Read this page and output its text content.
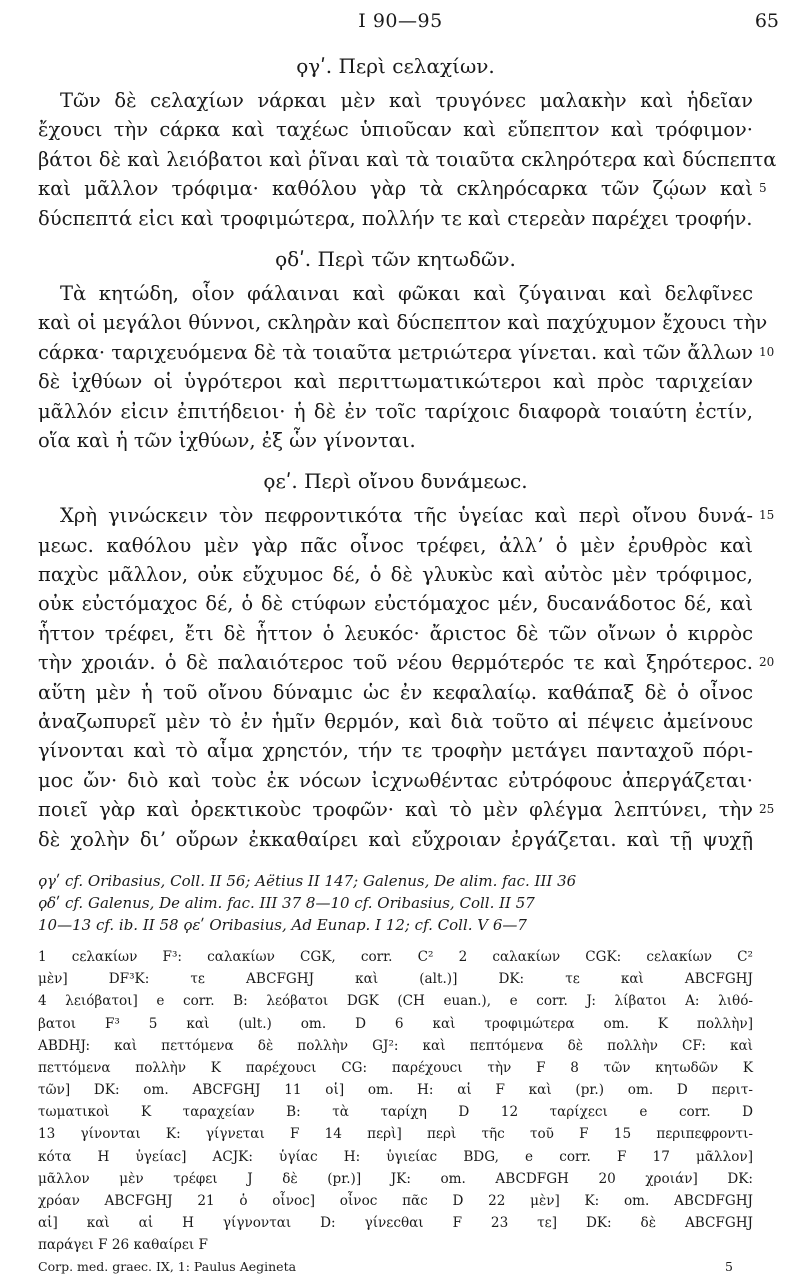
I 90—95	65
ϙγʹ. Περὶ ϲελαχίων.
Τῶν δὲ ϲελαχίων νάρκαι μὲν καὶ τρυγόνεϲ μαλακὴν καὶ ἡδεῖαν
ἔχουϲι τὴν ϲάρκα καὶ ταχέωϲ ὑπιοῦϲαν καὶ εὔπεπτον καὶ τρόφιμον·
βάτοι δὲ καὶ λειόβατοι καὶ ῥῖναι καὶ τὰ τοιαῦτα ϲκληρότερα καὶ δύϲπεπτα
καὶ μᾶλλον τρόφιμα· καθόλου γὰρ τὰ ϲκληρόϲαρκα τῶν ζῴων καὶ 5
δύϲπεπτά εἰϲι καὶ τροφιμώτερα, πολλήν τε καὶ ϲτερεὰν παρέχει τροφήν.
ϙδʹ. Περὶ τῶν κητωδῶν.
Τὰ κητώδη, οἷον φάλαιναι καὶ φῶκαι καὶ ζύγαιναι καὶ δελφῖνεϲ
καὶ οἱ μεγάλοι θύννοι, ϲκληρὰν καὶ δύϲπεπτον καὶ παχύχυμον ἔχουϲι τὴν
ϲάρκα· ταριχευόμενα δὲ τὰ τοιαῦτα μετριώτερα γίνεται. καὶ τῶν ἄλλων 10
δὲ ἰχθύων οἱ ὑγρότεροι καὶ περιττωματικώτεροι καὶ πρὸϲ ταριχείαν
μᾶλλόν εἰϲιν ἐπιτήδειοι· ἡ δὲ ἐν τοῖϲ ταρίχοιϲ διαφορὰ τοιαύτη ἐϲτίν,
οἵα καὶ ἡ τῶν ἰχθύων, ἐξ ὧν γίνονται.
ϙεʹ. Περὶ οἴνου δυνάμεωϲ.
Χρὴ γινώϲκειν τὸν πεφροντικότα τῆϲ ὑγείαϲ καὶ περὶ οἴνου δυνά- 15
μεωϲ. καθόλου μὲν γὰρ πᾶϲ οἶνοϲ τρέφει, ἀλλʼ ὁ μὲν ἐρυθρὸϲ καὶ
παχὺϲ μᾶλλον, οὐκ εὔχυμοϲ δέ, ὁ δὲ γλυκὺϲ καὶ αὐτὸϲ μὲν τρόφιμοϲ,
οὐκ εὐϲτόμαχοϲ δέ, ὁ δὲ ϲτύφων εὐϲτόμαχοϲ μέν, δυϲανάδοτοϲ δέ, καὶ
ἧττον τρέφει, ἔτι δὲ ἧττον ὁ λευκόϲ· ἄριϲτοϲ δὲ τῶν οἴνων ὁ κιρρὸϲ
τὴν χροιάν. ὁ δὲ παλαιότεροϲ τοῦ νέου θερμότερόϲ τε καὶ ξηρότεροϲ. 20
αὕτη μὲν ἡ τοῦ οἴνου δύναμιϲ ὡϲ ἐν κεφαλαίῳ. καθάπαξ δὲ ὁ οἶνοϲ
ἀναζωπυρεῖ μὲν τὸ ἐν ἡμῖν θερμόν, καὶ διὰ τοῦτο αἱ πέψειϲ ἀμείνουϲ
γίνονται καὶ τὸ αἷμα χρηϲτόν, τήν τε τροφὴν μετάγει πανταχοῦ πόρι-
μοϲ ὤν· διὸ καὶ τοὺϲ ἐκ νόϲων ἰϲχνωθένταϲ εὐτρόφουϲ ἀπεργάζεται·
ποιεῖ γὰρ καὶ ὀρεκτικοὺϲ τροφῶν· καὶ τὸ μὲν φλέγμα λεπτύνει, τὴν 25
δὲ χολὴν διʼ οὔρων ἐκκαθαίρει καὶ εὔχροιαν ἐργάζεται. καὶ τῇ ψυχῇ
ϙγʹ cf. Oribasius, Coll. II 56; Aëtius II 147; Galenus, De alim. fac. III 36
ϙδʹ cf. Galenus, De alim. fac. III 37 8—10 cf. Oribasius, Coll. II 57
10—13 cf. ib. II 58 ϙεʹ Oribasius, Ad Eunap. I 12; cf. Coll. V 6—7
1 ϲελακίων F³: ϲαλακίων CGK, corr. C² 2 ϲαλακίων CGK: ϲελακίων C²
μὲν] DF³K: τε ABCFGHJ καὶ (alt.)] DK: τε καὶ ABCFGHJ
4 λειόβατοι] e corr. B: λεόβατοι DGK (CH euan.), e corr. J: λίβατοι A: λιθό-
βατοι F³ 5 καὶ (ult.) om. D 6 καὶ τροφιμώτερα om. K πολλὴν]
ABDHJ: καὶ πεττόμενα δὲ πολλὴν GJ²: καὶ πεπτόμενα δὲ πολλὴν CF: καὶ
πεττόμενα πολλὴν K παρέχουϲι CG: παρέχουϲι τὴν F 8 τῶν κητωδῶν K
τῶν] DK: om. ABCFGHJ 11 οἱ] om. H: αἱ F καὶ (pr.) om. D περιτ-
τωματικοὶ K ταραχείαν B: τὰ ταρίχη D 12 ταρίχεϲι e corr. D
13 γίνονται K: γίγνεται F 14 περὶ] περὶ τῆϲ τοῦ F 15 περιπεφροντι-
κότα H ὑγείαϲ] ACJK: ὑγίαϲ H: ὑγιείαϲ BDG, e corr. F 17 μᾶλλον]
μᾶλλον μὲν τρέφει J δὲ (pr.)] JK: om. ABCDFGH 20 χροιάν] DK:
χρόαν ABCFGHJ 21 ὁ οἶνοϲ] οἶνοϲ πᾶϲ D 22 μὲν] K: om. ABCDFGHJ
αἱ] καὶ αἱ H γίγνονται D: γίνεϲθαι F 23 τε] DK: δὲ ABCFGHJ
παράγει F 26 καθαίρει F
Corp. med. graec. IX, 1: Paulus Aegineta	5
